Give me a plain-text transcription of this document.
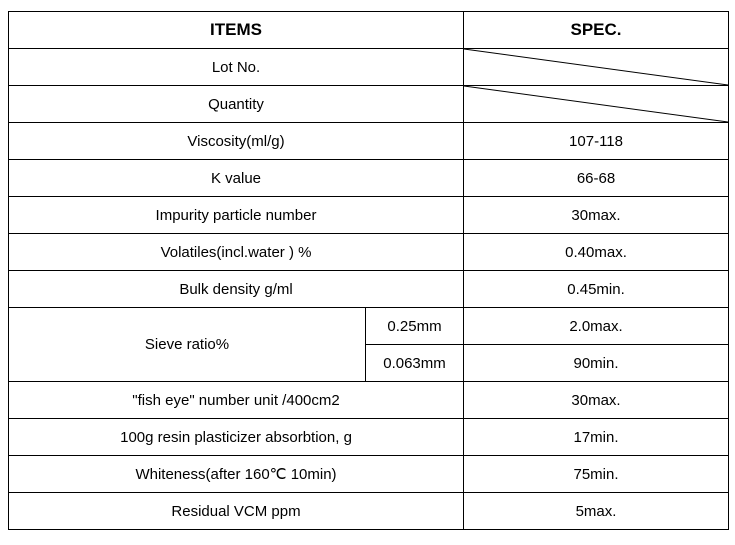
ITEMS		SPEC.
Lot No.	

Quantity	

Viscosity(ml/g)		107-118
K value		66-68
Impurity particle number		30max.
Volatiles(incl.water ) %		0.40max.
Bulk density g/ml		0.45min.
Sieve ratio%	0.25mm	2.0max.
	0.063mm	90min.
"fish eye" number unit /400cm2		30max.
100g resin plasticizer absorbtion, g		17min.
Whiteness(after 160℃ 10min)		75min.
Residual VCM ppm		5max.
